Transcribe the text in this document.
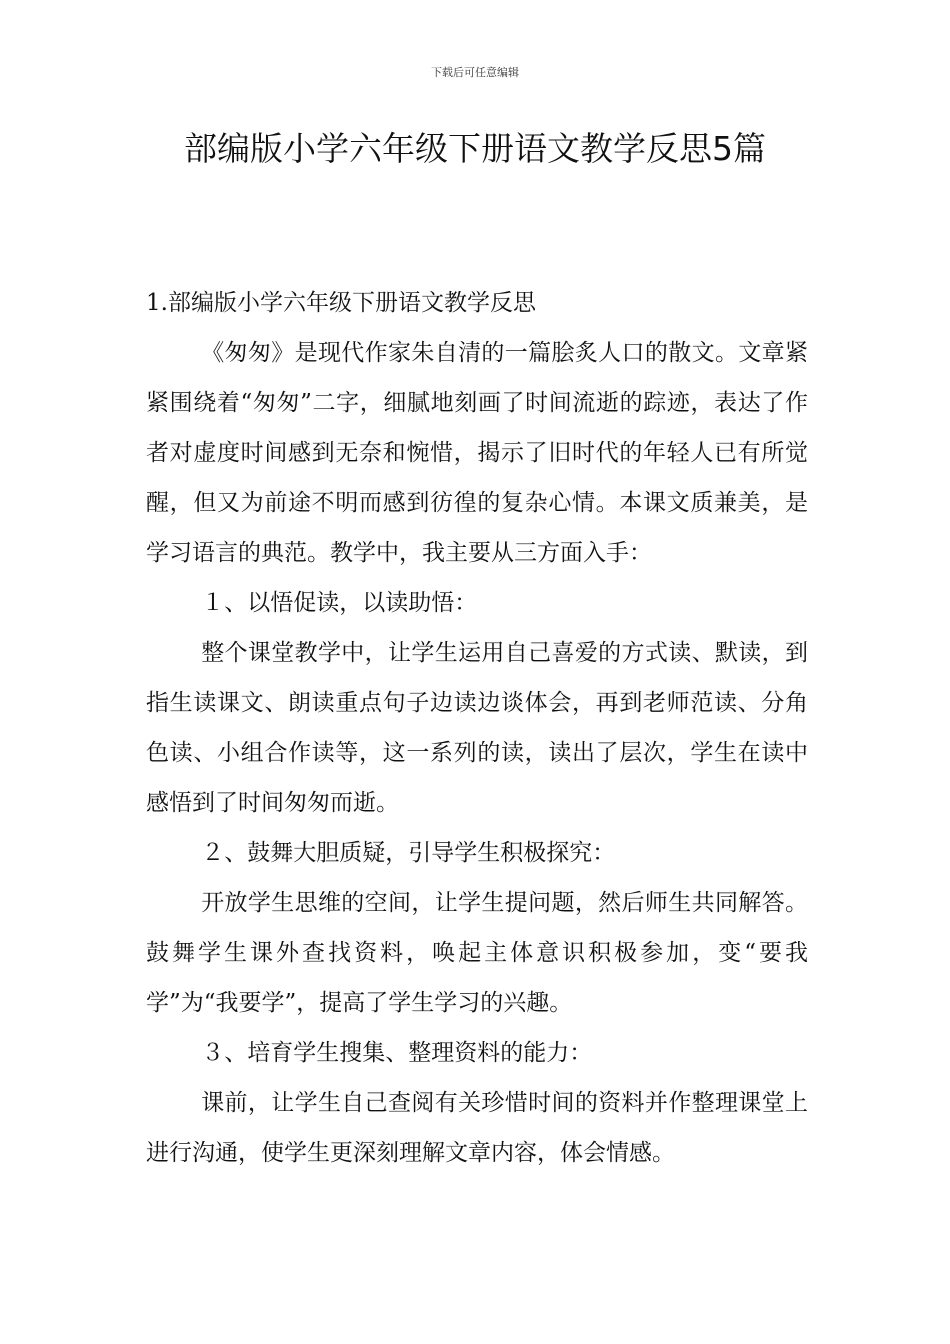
下载后可任意编辑
部编版小学六年级下册语文教学反思5篇

1.部编版小学六年级下册语文教学反思

《匆匆》是现代作家朱自清的一篇脍炙人口的散文。文章紧紧围绕着“匆匆”二字，细腻地刻画了时间流逝的踪迹，表达了作者对虚度时间感到无奈和惋惜，揭示了旧时代的年轻人已有所觉醒，但又为前途不明而感到彷徨的复杂心情。本课文质兼美，是学习语言的典范。教学中，我主要从三方面入手：

１、以悟促读，以读助悟：

整个课堂教学中，让学生运用自己喜爱的方式读、默读，到指生读课文、朗读重点句子边读边谈体会，再到老师范读、分角色读、小组合作读等，这一系列的读，读出了层次，学生在读中感悟到了时间匆匆而逝。

２、鼓舞大胆质疑，引导学生积极探究：

开放学生思维的空间，让学生提问题，然后师生共同解答。鼓舞学生课外查找资料，唤起主体意识积极参加，变“要我学”为“我要学”，提高了学生学习的兴趣。

３、培育学生搜集、整理资料的能力：

课前，让学生自己查阅有关珍惜时间的资料并作整理课堂上进行沟通，使学生更深刻理解文章内容，体会情感。
